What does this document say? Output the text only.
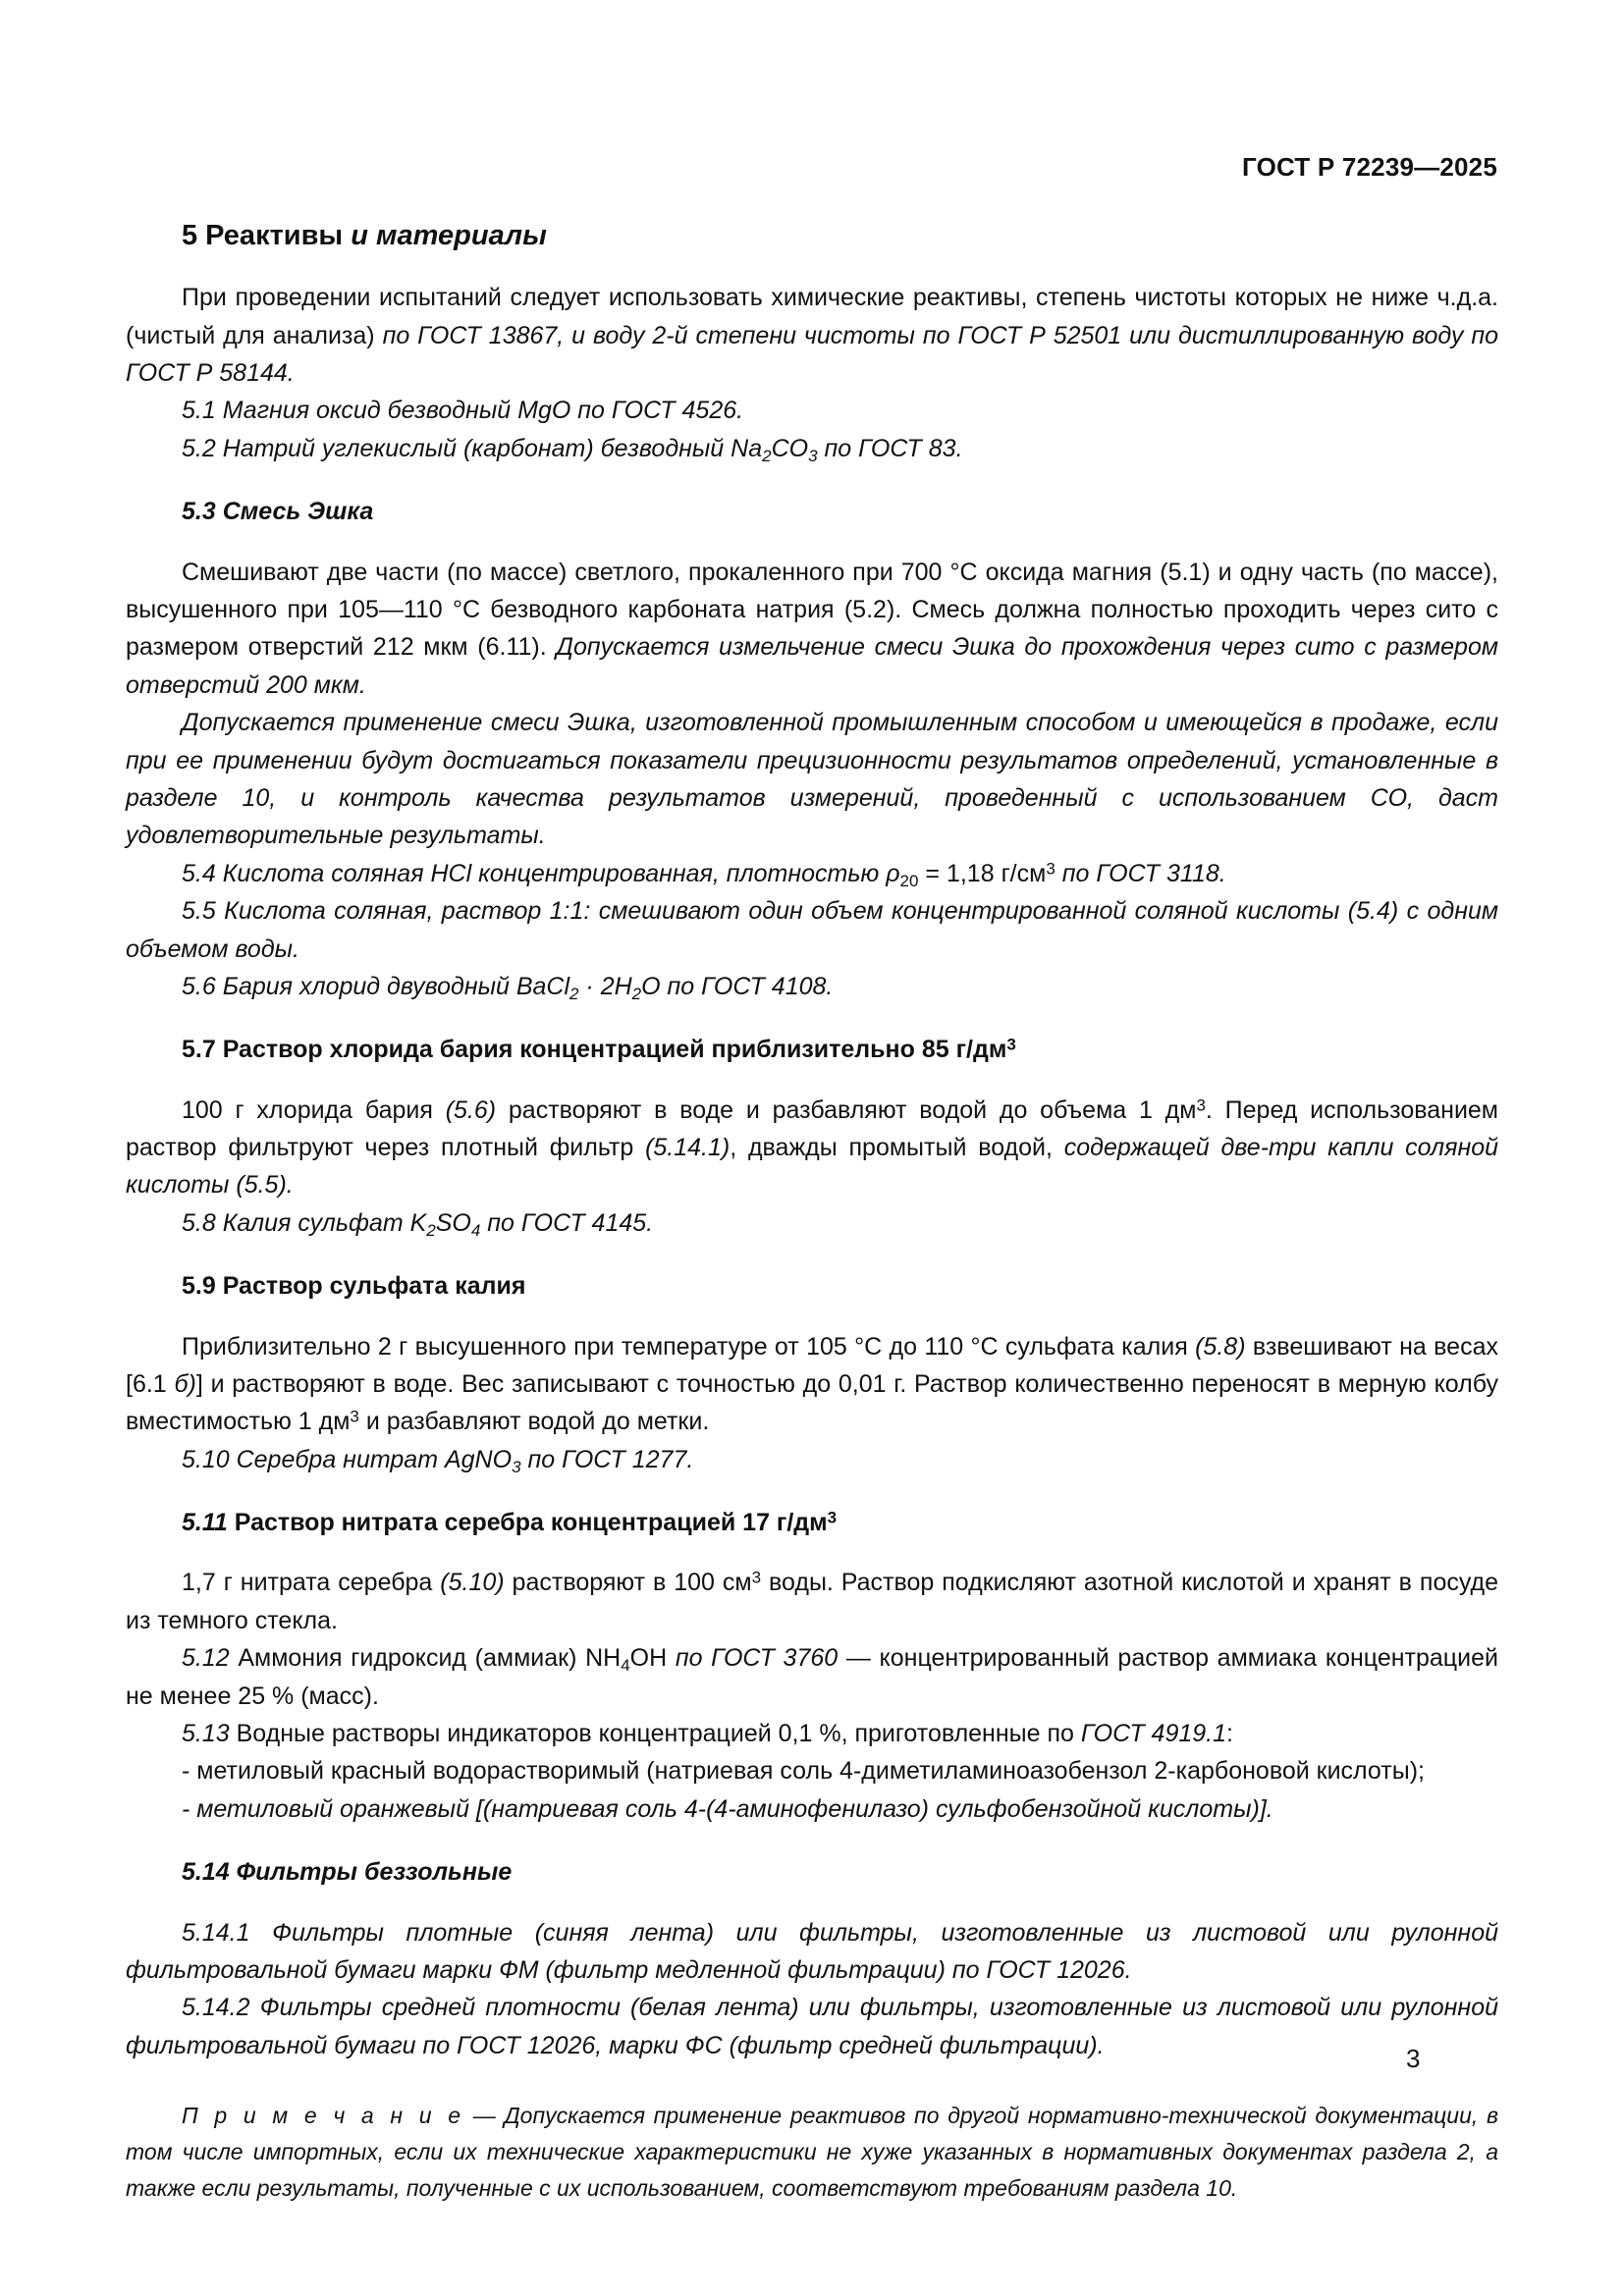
ГОСТ Р 72239—2025
5 Реактивы и материалы

При проведении испытаний следует использовать химические реактивы, степень чистоты которых не ниже ч.д.а. (чистый для анализа) по ГОСТ 13867, и воду 2-й степени чистоты по ГОСТ Р 52501 или дистиллированную воду по ГОСТ Р 58144.

5.1 Магния оксид безводный MgO по ГОСТ 4526.

5.2 Натрий углекислый (карбонат) безводный $Na_2CO_3$ по ГОСТ 83.

5.3 Смесь Эшка

Смешивают две части (по массе) светлого, прокаленного при 700 °C оксида магния (5.1) и одну часть (по массе), высушенного при 105—110 °C безводного карбоната натрия (5.2). Смесь должна полностью проходить через сито с размером отверстий 212 мкм (6.11). Допускается измельчение смеси Эшка до прохождения через сито с размером отверстий 200 мкм.

Допускается применение смеси Эшка, изготовленной промышленным способом и имеющейся в продаже, если при ее применении будут достигаться показатели прецизионности результатов определений, установленные в разделе 10, и контроль качества результатов измерений, проведенный с использованием СО, даст удовлетворительные результаты.

5.4 Кислота соляная HCl концентрированная, плотностью $\rho_{20} = 1,18$ $г/см^3$ по ГОСТ 3118.

5.5 Кислота соляная, раствор 1:1: смешивают один объем концентрированной соляной кислоты (5.4) с одним объемом воды.

5.6 Бария хлорид двуводный BaCl$_2$ · $2H_2O$ по ГОСТ 4108.

5.7 Раствор хлорида бария концентрацией приблизительно 85 $г/дм^3$

100 г хлорида бария (5.6) растворяют в воде и разбавляют водой до объема 1 $дм^3$. Перед использованием раствор фильтруют через плотный фильтр (5.14.1), дважды промытый водой, содержащей две-три капли соляной кислоты (5.5).

5.8 Калия сульфат $K_2SO_4$ по ГОСТ 4145.

5.9 Раствор сульфата калия

Приблизительно 2 г высушенного при температуре от 105 °C до 110 °C сульфата калия (5.8) взвешивают на весах [6.1 б)] и растворяют в воде. Вес записывают с точностью до 0,01 г. Раствор количественно переносят в мерную колбу вместимостью 1 $дм^3$ и разбавляют водой до метки.

5.10 Серебра нитрат AgNO$_3$ по ГОСТ 1277.

5.11 Раствор нитрата серебра концентрацией 17 $г/дм^3$

1,7 г нитрата серебра (5.10) растворяют в 100 $см^3$ воды. Раствор подкисляют азотной кислотой и хранят в посуде из темного стекла.

5.12 Аммония гидроксид (аммиак) $NH_4OH$ по ГОСТ 3760 — концентрированный раствор аммиака концентрацией не менее 25 % (масс).

5.13 Водные растворы индикаторов концентрацией 0,1 %, приготовленные по ГОСТ 4919.1:

- метиловый красный водорастворимый (натриевая соль 4-диметиламиноазобензол 2-карбоновой кислоты);

- метиловый оранжевый [(натриевая соль 4-(4-аминофенилазо) сульфобензойной кислоты)].

5.14 Фильтры беззольные

5.14.1 Фильтры плотные (синяя лента) или фильтры, изготовленные из листовой или рулонной фильтровальной бумаги марки ФМ (фильтр медленной фильтрации) по ГОСТ 12026.

5.14.2 Фильтры средней плотности (белая лента) или фильтры, изготовленные из листовой или рулонной фильтровальной бумаги по ГОСТ 12026, марки ФС (фильтр средней фильтрации).

П р и м е ч а н и е — Допускается применение реактивов по другой нормативно-технической документации, в том числе импортных, если их технические характеристики не хуже указанных в нормативных документах раздела 2, а также если результаты, полученные с их использованием, соответствуют требованиям раздела 10.

3
